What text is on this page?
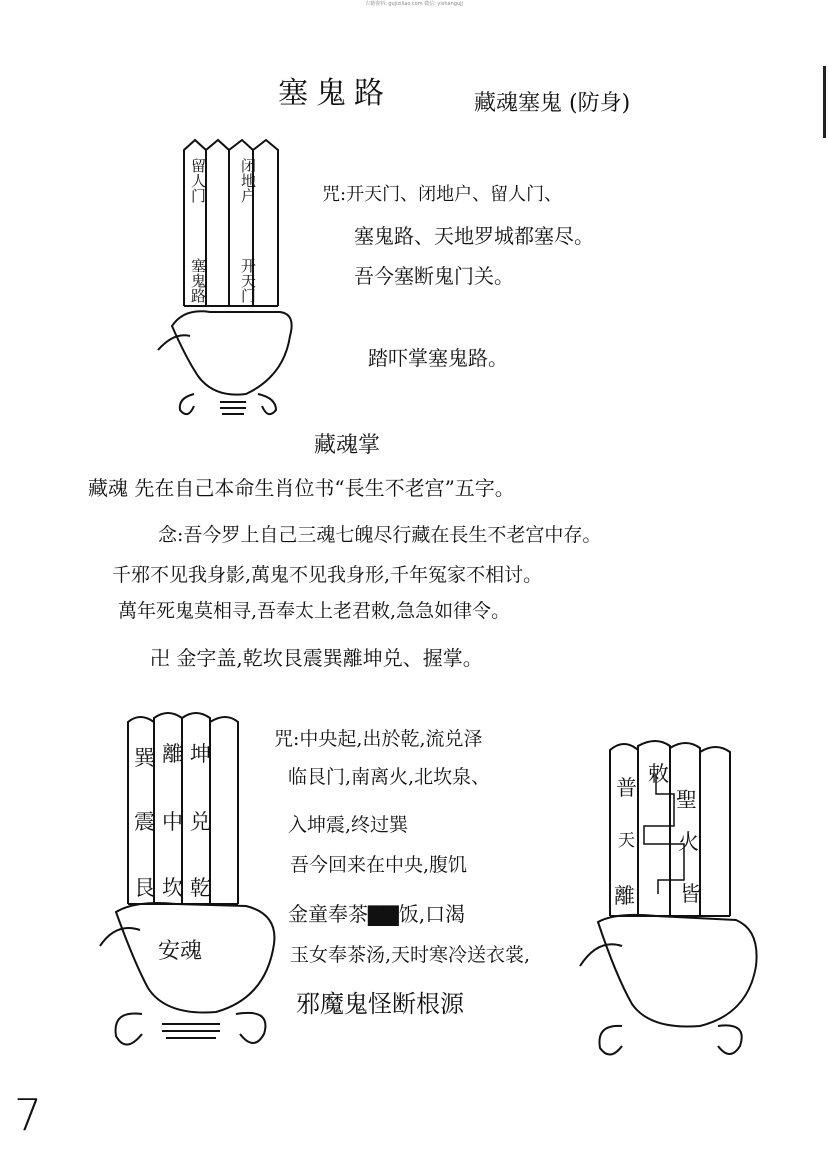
古籍資料: gujiziliao.com 微信: yishangujj
塞鬼路	藏魂塞鬼 (防身)
留人门
塞鬼路
闭地户
开天门
咒:开天门、闭地户、留人门、
塞鬼路、天地罗城都塞尽。
吾今塞断鬼门关。
踏吓掌塞鬼路。
藏魂掌
藏魂 先在自己本命生肖位书“長生不老宫”五字。
念:吾今罗上自己三魂七魄尽行藏在長生不老宫中存。
千邪不见我身影,萬鬼不见我身形,千年冤家不相讨。
萬年死鬼莫相寻,吾奉太上老君敕,急急如律令。
卍 金字盖,乾坎艮震巽離坤兑、握掌。
巽
震
艮
離
中
坎
坤
兑
乾
安魂
咒:中央起,出於乾,流兑泽
临艮门,南离火,北坎泉、
入坤震,终过巽
吾今回来在中央,腹饥
金童奉茶▇▇饭,口渴
玉女奉茶汤,天时寒冷送衣裳,
邪魔鬼怪断根源
敕
聖
火
普
天
離 皆
7
